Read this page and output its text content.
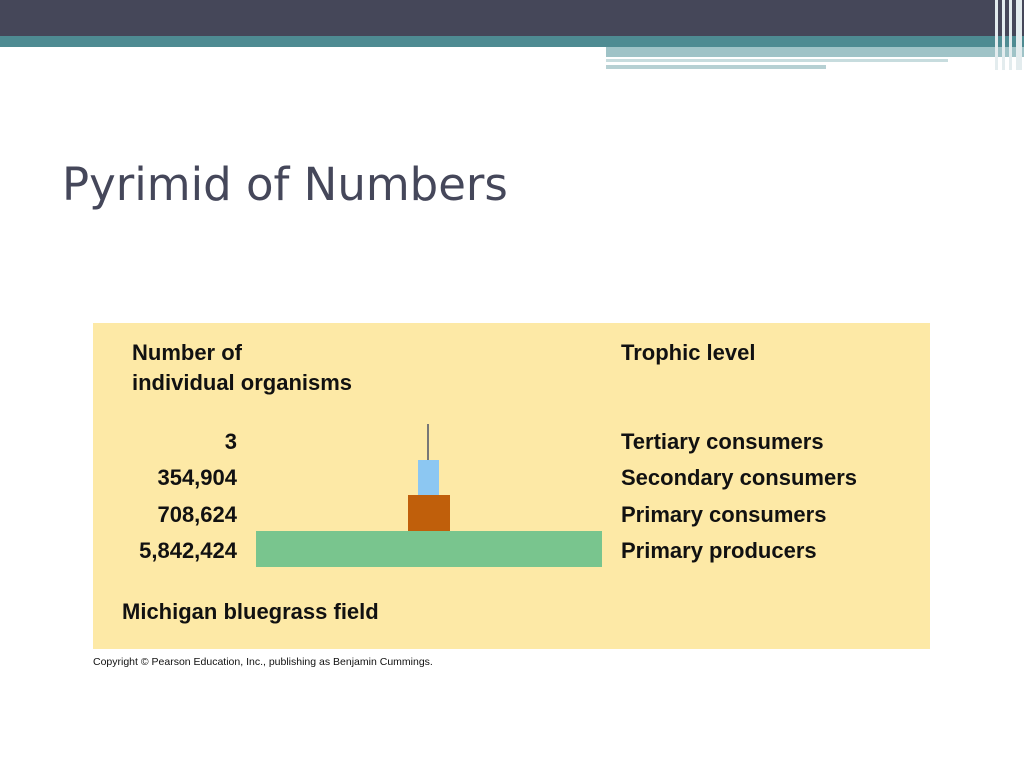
Pyrimid of Numbers
Number of
individual organisms
Trophic level
3
354,904
708,624
5,842,424
Tertiary consumers
Secondary consumers
Primary consumers
Primary producers
Michigan bluegrass field
Copyright © Pearson Education, Inc., publishing as Benjamin Cummings.
